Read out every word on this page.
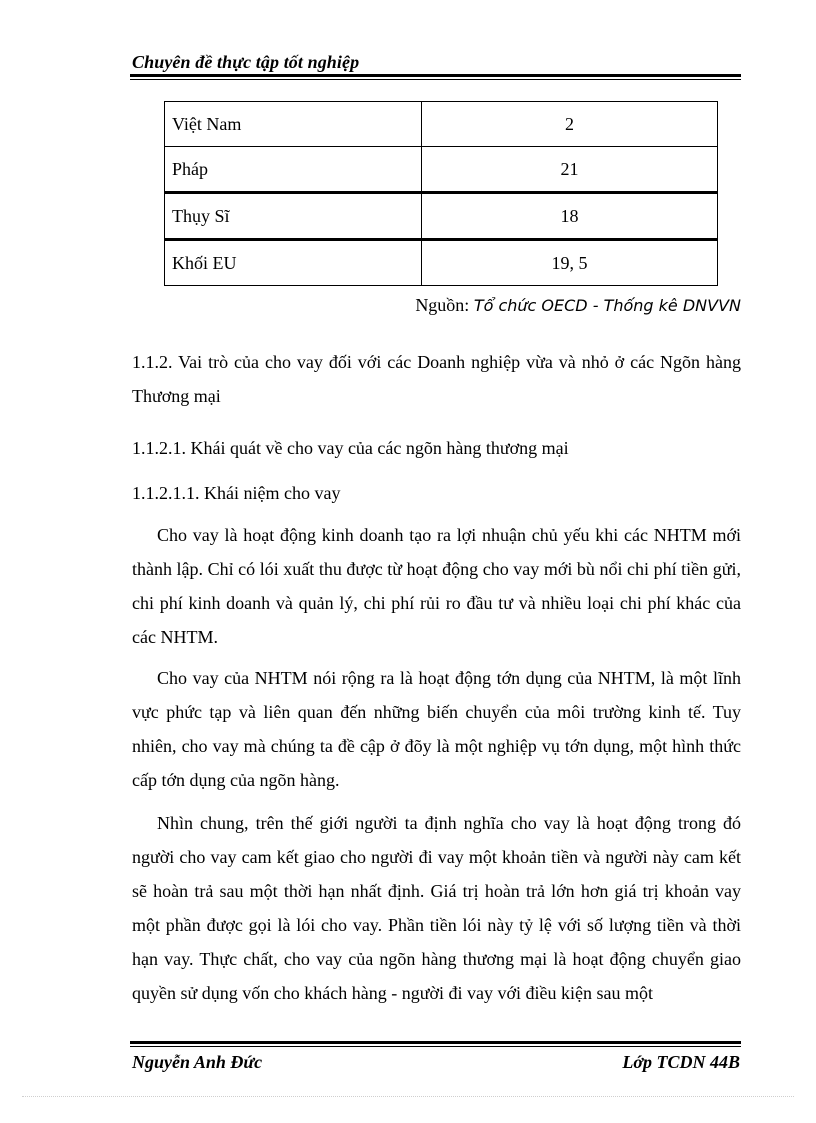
Chuyên đề thực tập tốt nghiệp
Việt Nam	2
Pháp	21
Thụy Sĩ	18
Khối EU	19, 5
Nguồn: Tổ chức OECD - Thống kê DNVVN

1.1.2. Vai trò của cho vay đối với các Doanh nghiệp vừa và nhỏ ở các Ngõn hàng Thương mại

1.1.2.1. Khái quát về cho vay của các ngõn hàng thương mại

1.1.2.1.1. Khái niệm cho vay

Cho vay là hoạt động kinh doanh tạo ra lợi nhuận chủ yếu khi các NHTM mới thành lập. Chỉ có lói xuất thu được từ hoạt động cho vay mới bù nổi chi phí tiền gửi, chi phí kinh doanh và quản lý, chi phí rủi ro đầu tư và nhiều loại chi phí khác của các NHTM.

Cho vay của NHTM nói rộng ra là hoạt động tớn dụng của NHTM, là một lĩnh vực phức tạp và liên quan đến những biến chuyển của môi trường kinh tế. Tuy nhiên, cho vay mà chúng ta đề cập ở đõy là một nghiệp vụ tớn dụng, một hình thức cấp tớn dụng của ngõn hàng.

Nhìn chung, trên thế giới người ta định nghĩa cho vay là hoạt động trong đó người cho vay cam kết giao cho người đi vay một khoản tiền và người này cam kết sẽ hoàn trả sau một thời hạn nhất định. Giá trị hoàn trả lớn hơn giá trị khoản vay một phần được gọi là lói cho vay. Phần tiền lói này tỷ lệ với số lượng tiền và thời hạn vay. Thực chất, cho vay của ngõn hàng thương mại là hoạt động chuyển giao quyền sử dụng vốn cho khách hàng - người đi vay với điều kiện sau một

Nguyễn Anh Đức	Lớp TCDN 44B
